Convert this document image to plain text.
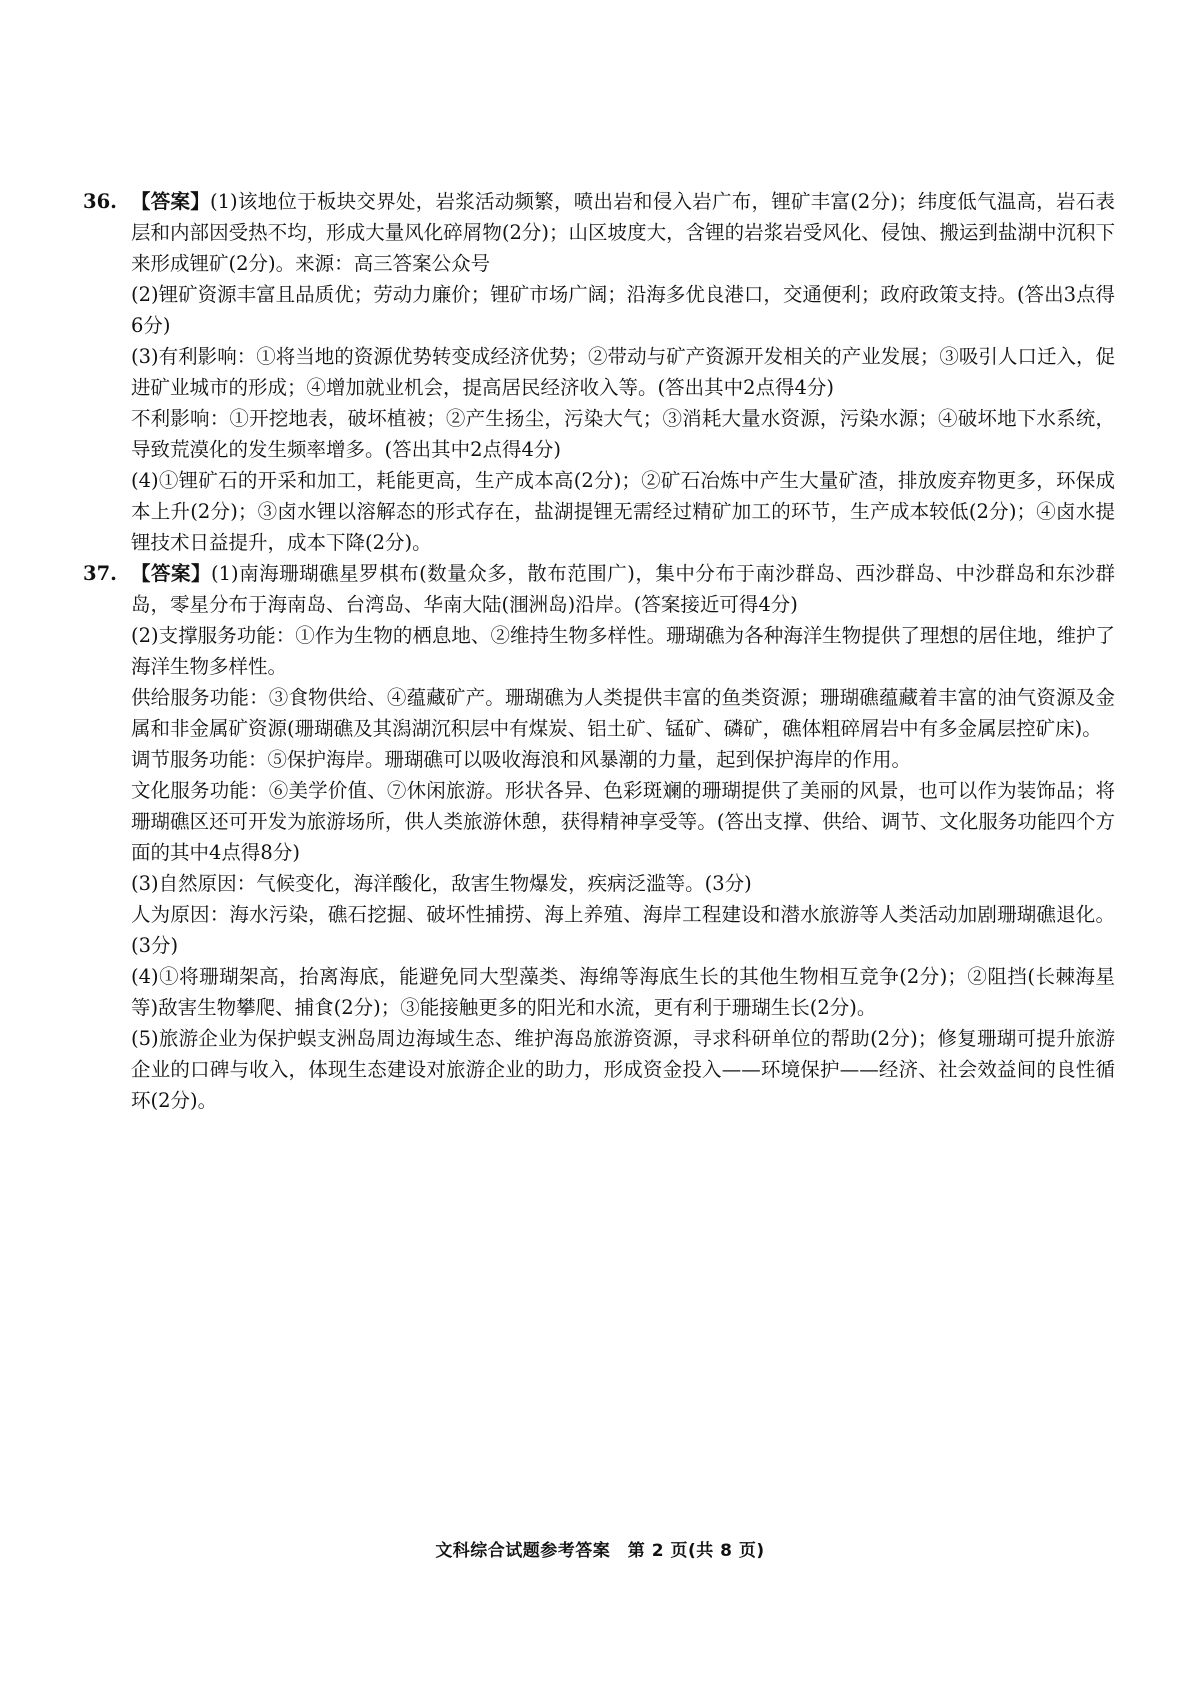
36. 【答案】(1)该地位于板块交界处，岩浆活动频繁，喷出岩和侵入岩广布，锂矿丰富(2分)；纬度低气温高，岩石表层和内部因受热不均，形成大量风化碎屑物(2分)；山区坡度大，含锂的岩浆岩受风化、侵蚀、搬运到盐湖中沉积下来形成锂矿(2分)。来源：高三答案公众号

(2)锂矿资源丰富且品质优；劳动力廉价；锂矿市场广阔；沿海多优良港口，交通便利；政府政策支持。(答出3点得6分)

(3)有利影响：①将当地的资源优势转变成经济优势；②带动与矿产资源开发相关的产业发展；③吸引人口迁入，促进矿业城市的形成；④增加就业机会，提高居民经济收入等。(答出其中2点得4分)

不利影响：①开挖地表，破坏植被；②产生扬尘，污染大气；③消耗大量水资源，污染水源；④破坏地下水系统，导致荒漠化的发生频率增多。(答出其中2点得4分)

(4)①锂矿石的开采和加工，耗能更高，生产成本高(2分)；②矿石冶炼中产生大量矿渣，排放废弃物更多，环保成本上升(2分)；③卤水锂以溶解态的形式存在，盐湖提锂无需经过精矿加工的环节，生产成本较低(2分)；④卤水提锂技术日益提升，成本下降(2分)。

37. 【答案】(1)南海珊瑚礁星罗棋布(数量众多，散布范围广)，集中分布于南沙群岛、西沙群岛、中沙群岛和东沙群岛，零星分布于海南岛、台湾岛、华南大陆(涠洲岛)沿岸。(答案接近可得4分)

(2)支撑服务功能：①作为生物的栖息地、②维持生物多样性。珊瑚礁为各种海洋生物提供了理想的居住地，维护了海洋生物多样性。

供给服务功能：③食物供给、④蕴藏矿产。珊瑚礁为人类提供丰富的鱼类资源；珊瑚礁蕴藏着丰富的油气资源及金属和非金属矿资源(珊瑚礁及其潟湖沉积层中有煤炭、铝土矿、锰矿、磷矿，礁体粗碎屑岩中有多金属层控矿床)。

调节服务功能：⑤保护海岸。珊瑚礁可以吸收海浪和风暴潮的力量，起到保护海岸的作用。

文化服务功能：⑥美学价值、⑦休闲旅游。形状各异、色彩斑斓的珊瑚提供了美丽的风景，也可以作为装饰品；将珊瑚礁区还可开发为旅游场所，供人类旅游休憩，获得精神享受等。(答出支撑、供给、调节、文化服务功能四个方面的其中4点得8分)

(3)自然原因：气候变化，海洋酸化，敌害生物爆发，疾病泛滥等。(3分)

人为原因：海水污染，礁石挖掘、破坏性捕捞、海上养殖、海岸工程建设和潜水旅游等人类活动加剧珊瑚礁退化。(3分)

(4)①将珊瑚架高，抬离海底，能避免同大型藻类、海绵等海底生长的其他生物相互竞争(2分)；②阻挡(长棘海星等)敌害生物攀爬、捕食(2分)；③能接触更多的阳光和水流，更有利于珊瑚生长(2分)。

(5)旅游企业为保护蜈支洲岛周边海域生态、维护海岛旅游资源，寻求科研单位的帮助(2分)；修复珊瑚可提升旅游企业的口碑与收入，体现生态建设对旅游企业的助力，形成资金投入——环境保护——经济、社会效益间的良性循环(2分)。

文科综合试题参考答案　第 2 页(共 8 页)
